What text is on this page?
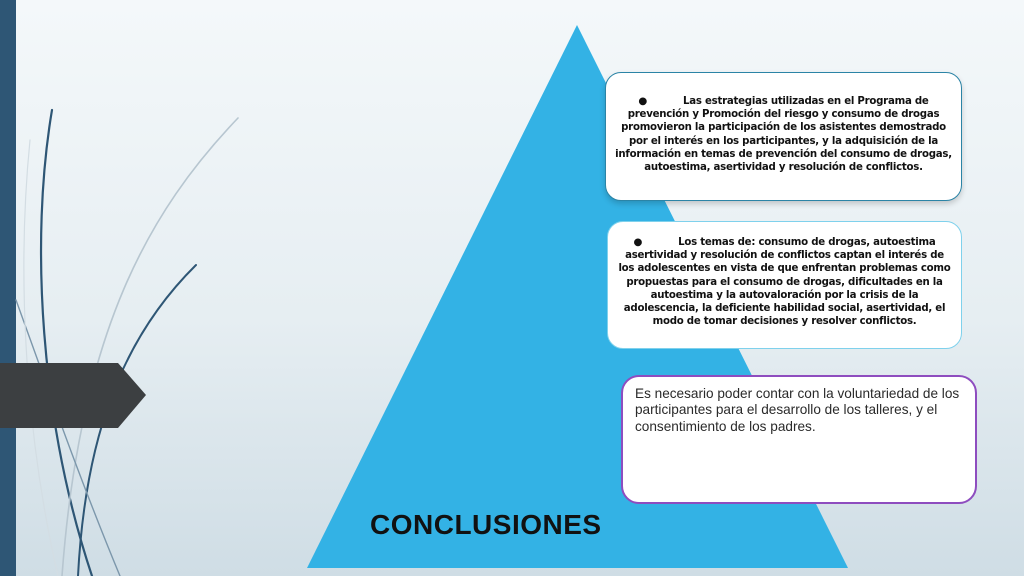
●	Las estrategias utilizadas en el Programa de prevención y Promoción del riesgo y consumo de drogas promovieron la participación de los asistentes demostrado por el interés en los participantes, y la adquisición de la información en temas de prevención del consumo de drogas, autoestima, asertividad y resolución de conflictos.
●	Los temas de: consumo de drogas, autoestima asertividad y resolución de conflictos captan el interés de los adolescentes en vista de que enfrentan problemas como propuestas para el consumo de drogas, dificultades en la autoestima y la autovaloración por la crisis de la adolescencia, la deficiente habilidad social, asertividad, el modo de tomar decisiones y resolver conflictos.
Es necesario poder contar con la voluntariedad de los participantes para el desarrollo de los talleres, y el consentimiento de los padres.
CONCLUSIONES
